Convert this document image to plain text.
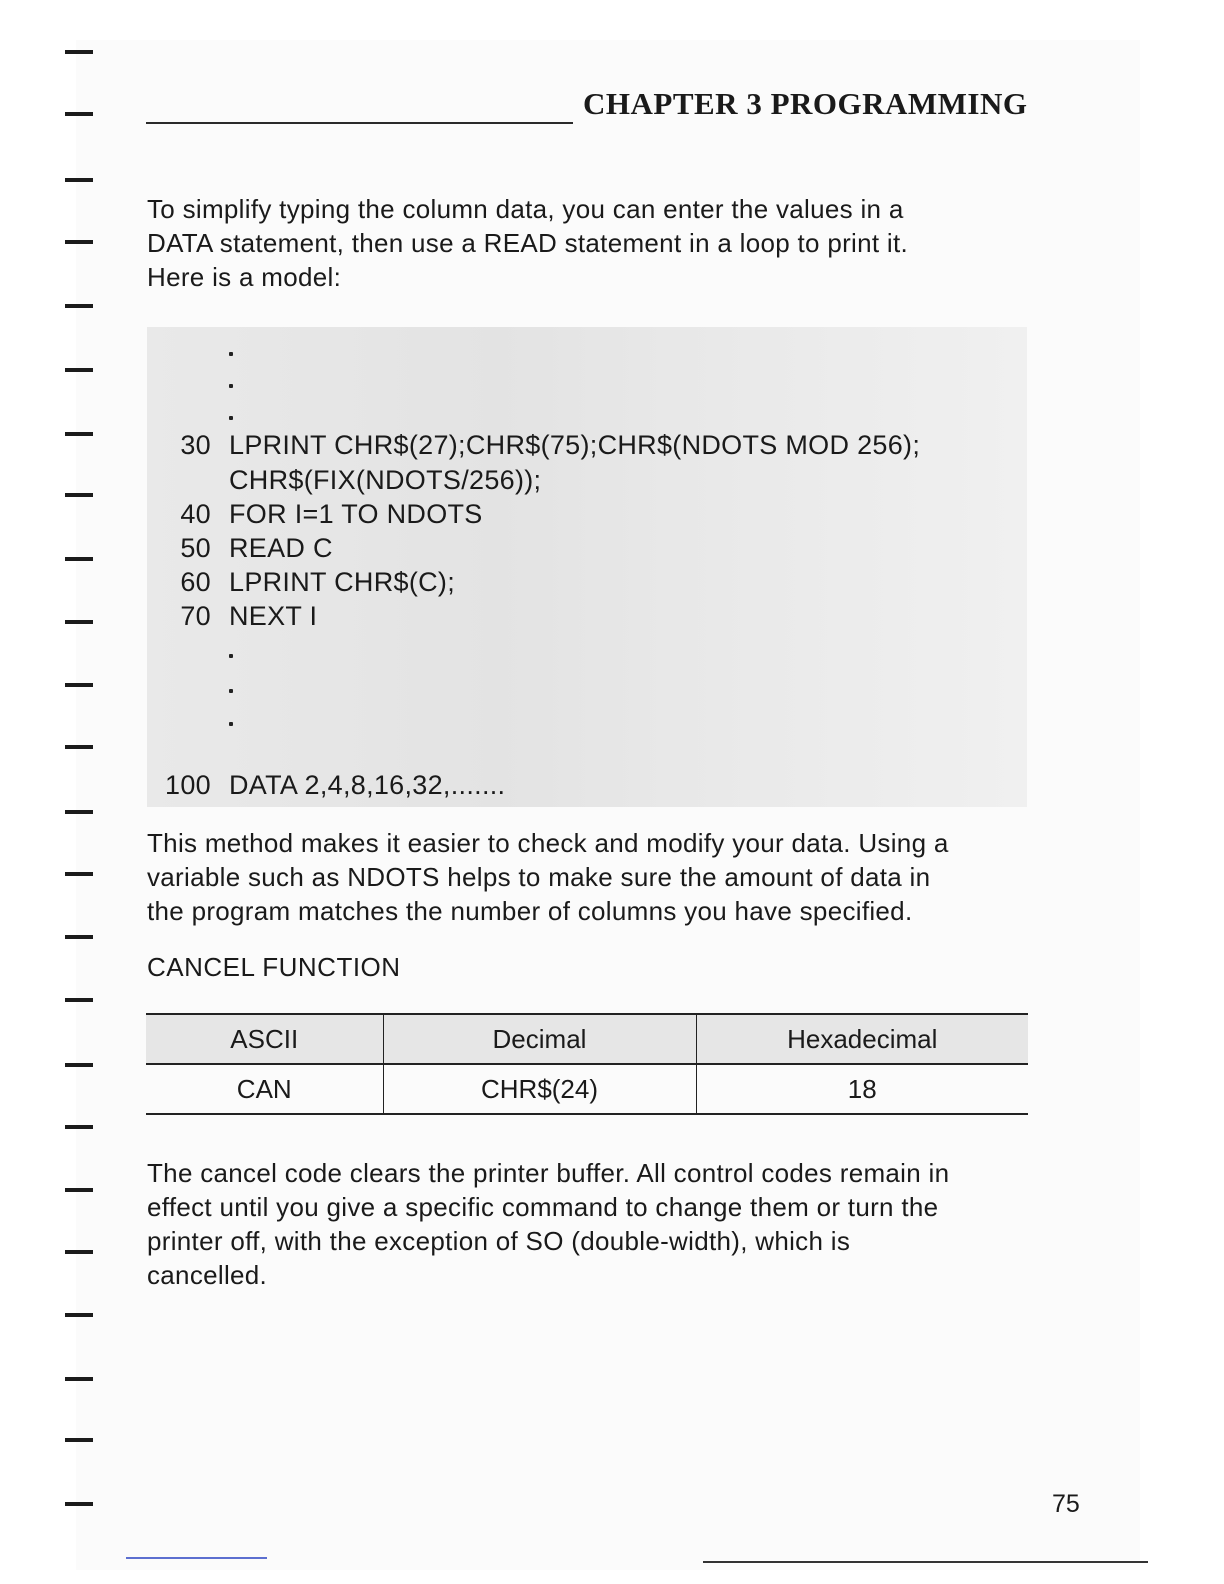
CHAPTER 3 PROGRAMMING

To simplify typing the column data, you can enter the values in a

DATA statement, then use a READ statement in a loop to print it.

Here is a model:

30 LPRINT CHR$(27);CHR$(75);CHR$(NDOTS MOD 256);
CHR$(FIX(NDOTS/256));
40 FOR I=1 TO NDOTS
50 READ C
60 LPRINT CHR$(C);
70 NEXT I
100 DATA 2,4,8,16,32,.......

This method makes it easier to check and modify your data. Using a

variable such as NDOTS helps to make sure the amount of data in

the program matches the number of columns you have specified.

CANCEL FUNCTION
ASCII	Decimal	Hexadecimal
CAN	CHR$(24)	18

The cancel code clears the printer buffer. All control codes remain in

effect until you give a specific command to change them or turn the

printer off, with the exception of SO (double-width), which is

cancelled.

75
